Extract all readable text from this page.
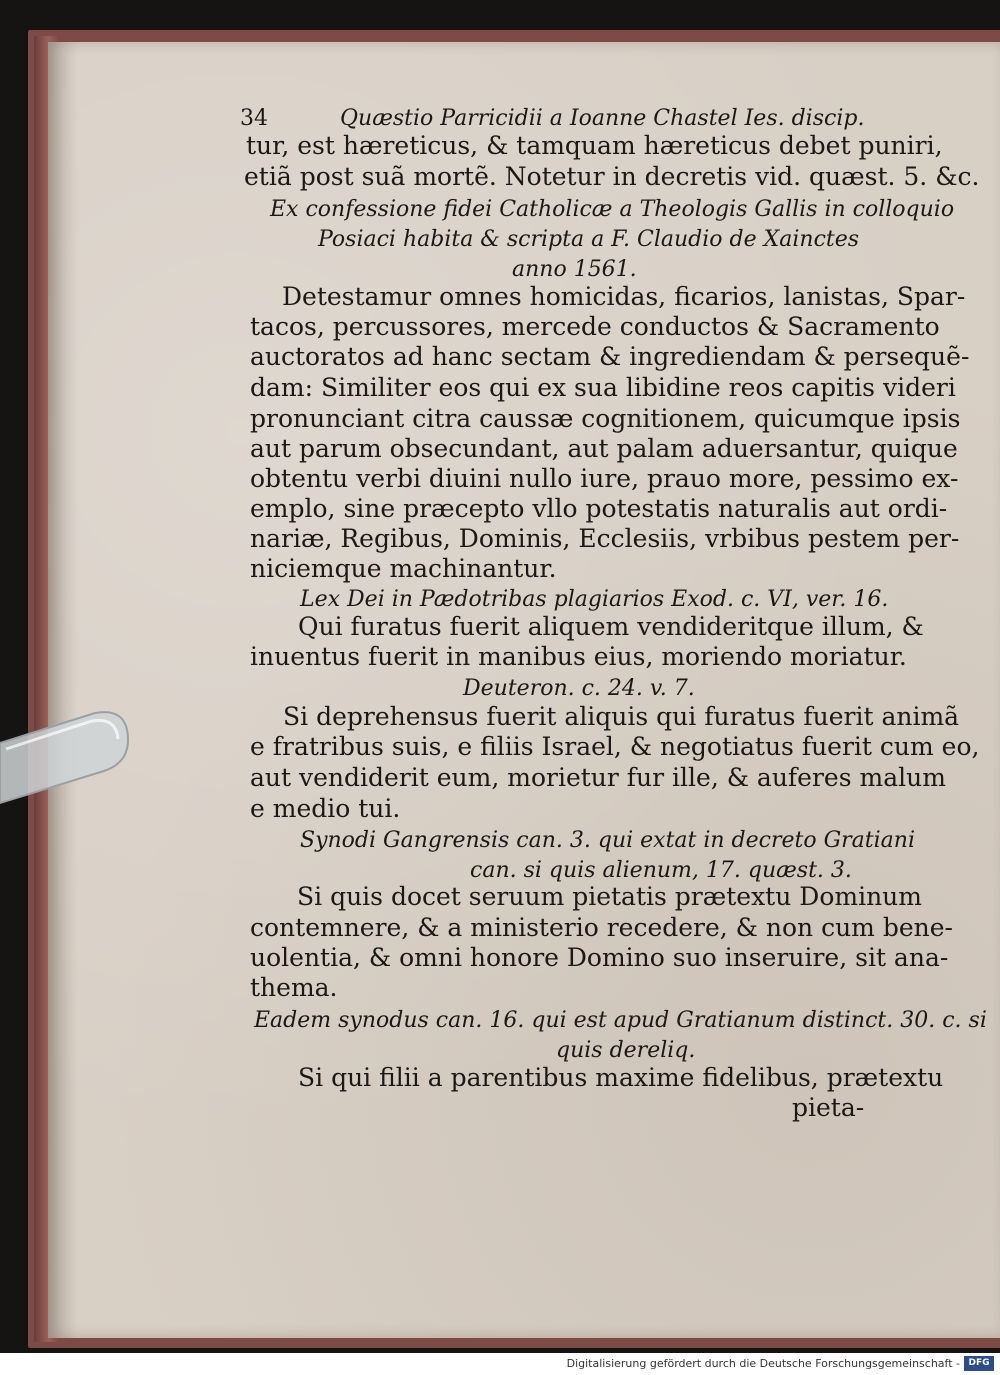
34	Quæstio Parricidii a Ioanne Chastel Ies. discip.
tur, est hæreticus, & tamquam hæreticus debet puniri,
etiã post suã mortẽ. Notetur in decretis vid. quæst. 5. &c.
Ex confessione fidei Catholicæ a Theologis Gallis in colloquio
Posiaci habita & scripta a F. Claudio de Xainctes
anno 1561.
Detestamur omnes homicidas, ficarios, lanistas, Spar-
tacos, percussores, mercede conductos & Sacramento
auctoratos ad hanc sectam & ingrediendam & persequẽ-
dam: Similiter eos qui ex sua libidine reos capitis videri
pronunciant citra caussæ cognitionem, quicumque ipsis
aut parum obsecundant, aut palam aduersantur, quique
obtentu verbi diuini nullo iure, prauo more, pessimo ex-
emplo, sine præcepto vllo potestatis naturalis aut ordi-
nariæ, Regibus, Dominis, Ecclesiis, vrbibus pestem per-
niciemque machinantur.
Lex Dei in Pædotribas plagiarios Exod. c. VI, ver. 16.
Qui furatus fuerit aliquem vendideritque illum, &
inuentus fuerit in manibus eius, moriendo moriatur.
Deuteron. c. 24. v. 7.
Si deprehensus fuerit aliquis qui furatus fuerit animã
e fratribus suis, e filiis Israel, & negotiatus fuerit cum eo,
aut vendiderit eum, morietur fur ille, & auferes malum
e medio tui.
Synodi Gangrensis can. 3. qui extat in decreto Gratiani
can. si quis alienum, 17. quæst. 3.
Si quis docet seruum pietatis prætextu Dominum
contemnere, & a ministerio recedere, & non cum bene-
uolentia, & omni honore Domino suo inseruire, sit ana-
thema.
Eadem synodus can. 16. qui est apud Gratianum distinct. 30. c. si
quis dereliq.
Si qui filii a parentibus maxime fidelibus, prætextu
pieta-
Digitalisierung gefördert durch die Deutsche Forschungsgemeinschaft - DFG
